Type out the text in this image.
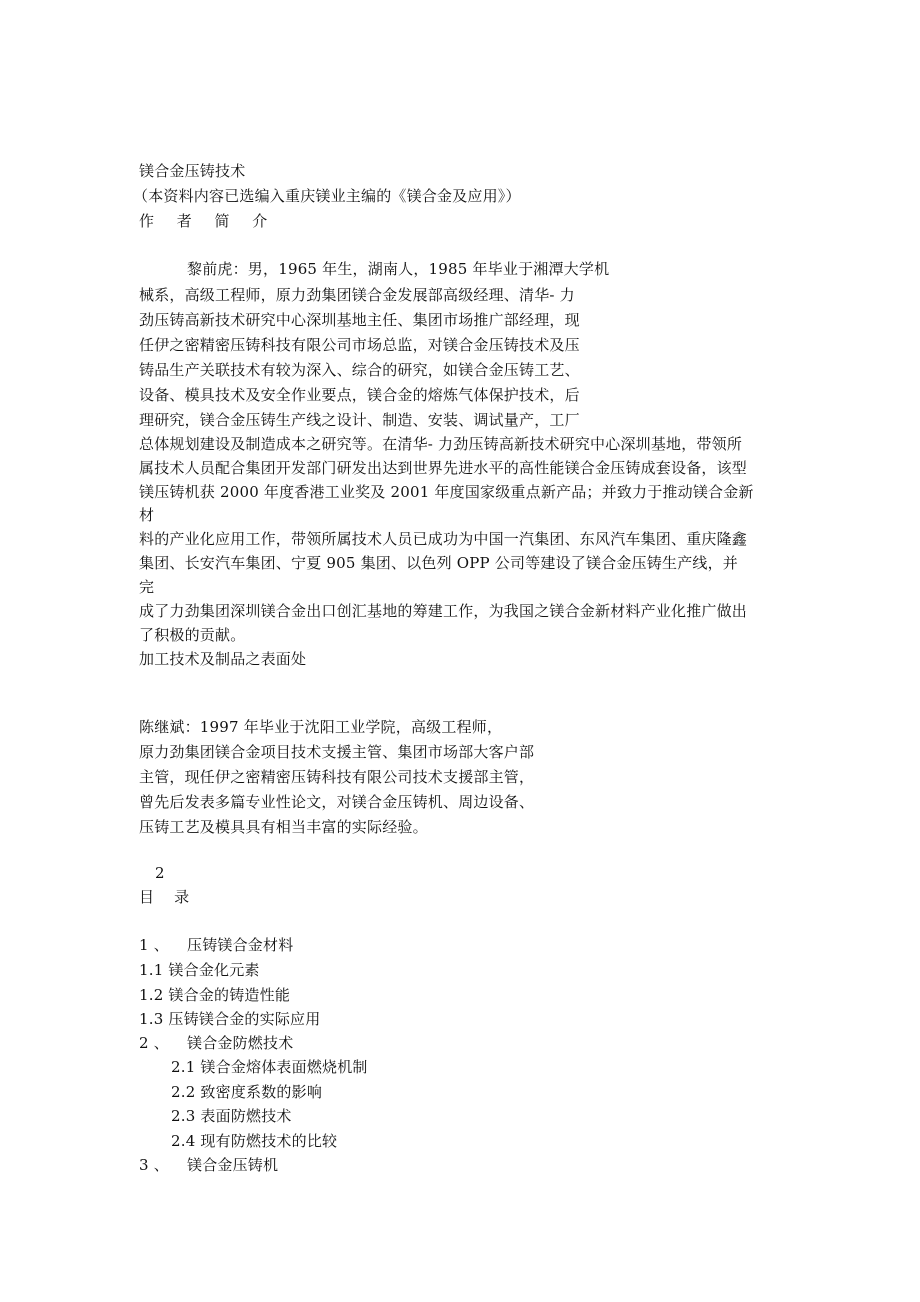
镁合金压铸技术
（本资料内容已选编入重庆镁业主编的《镁合金及应用》）
作 者 简 介
黎前虎：男，1965 年生，湖南人，1985 年毕业于湘潭大学机
械系，高级工程师，原力劲集团镁合金发展部高级经理、清华- 力
劲压铸高新技术研究中心深圳基地主任、集团市场推广部经理，现
任伊之密精密压铸科技有限公司市场总监，对镁合金压铸技术及压
铸品生产关联技术有较为深入、综合的研究，如镁合金压铸工艺、
设备、模具技术及安全作业要点，镁合金的熔炼气体保护技术，后
理研究，镁合金压铸生产线之设计、制造、安装、调试量产，工厂
总体规划建设及制造成本之研究等。在清华- 力劲压铸高新技术研究中心深圳基地，带领所
属技术人员配合集团开发部门研发出达到世界先进水平的高性能镁合金压铸成套设备，该型
镁压铸机获 2000 年度香港工业奖及 2001 年度国家级重点新产品；并致力于推动镁合金新
材
料的产业化应用工作，带领所属技术人员已成功为中国一汽集团、东风汽车集团、重庆隆鑫
集团、长安汽车集团、宁夏 905 集团、以色列 OPP 公司等建设了镁合金压铸生产线，并
完
成了力劲集团深圳镁合金出口创汇基地的筹建工作，为我国之镁合金新材料产业化推广做出
了积极的贡献。
加工技术及制品之表面处
陈继斌：1997 年毕业于沈阳工业学院，高级工程师，
原力劲集团镁合金项目技术支援主管、集团市场部大客户部
主管，现任伊之密精密压铸科技有限公司技术支援部主管，
曾先后发表多篇专业性论文，对镁合金压铸机、周边设备、
压铸工艺及模具具有相当丰富的实际经验。
2
目    录
1 、 压铸镁合金材料
1.1 镁合金化元素
1.2 镁合金的铸造性能
1.3 压铸镁合金的实际应用
2 、 镁合金防燃技术
2.1 镁合金熔体表面燃烧机制
2.2 致密度系数的影响
2.3 表面防燃技术
2.4 现有防燃技术的比较
3 、 镁合金压铸机
